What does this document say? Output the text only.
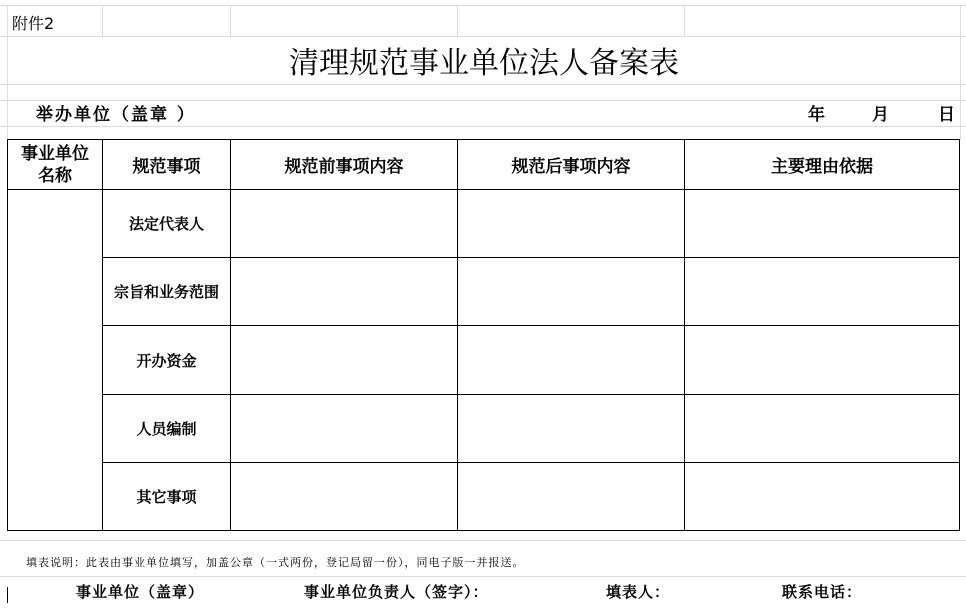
附件2
清理规范事业单位法人备案表
举办单位（盖章 ）	年	月	日
事业单位
名称	规范事项	规范前事项内容	规范后事项内容	主要理由依据
法定代表人
宗旨和业务范围
开办资金
人员编制
其它事项
填表说明：此表由事业单位填写，加盖公章（一式两份，登记局留一份），同电子版一并报送。
事业单位（盖章）	事业单位负责人（签字）：	填表人：	联系电话：
